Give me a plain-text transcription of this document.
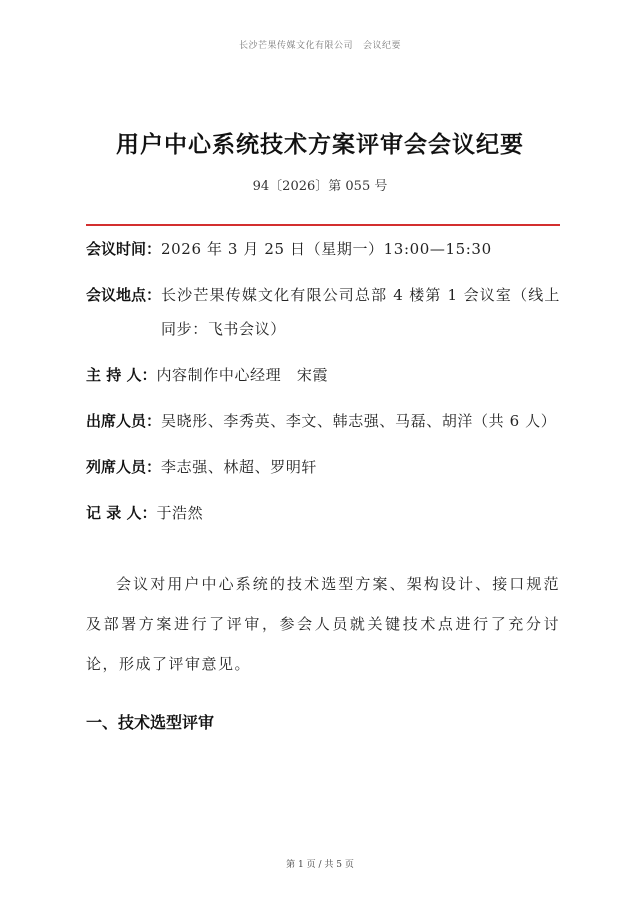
长沙芒果传媒文化有限公司 会议纪要
用户中心系统技术方案评审会会议纪要
94〔2026〕第 055 号
会议时间： 2026 年 3 月 25 日（星期一）13:00—15:30
会议地点： 长沙芒果传媒文化有限公司总部 4 楼第 1 会议室（线上同步：飞书会议）
主 持 人： 内容制作中心经理　宋霞
出席人员： 吴晓彤、李秀英、李文、韩志强、马磊、胡洋（共 6 人）
列席人员： 李志强、林超、罗明轩
记 录 人： 于浩然
会议对用户中心系统的技术选型方案、架构设计、接口规范及部署方案进行了评审，参会人员就关键技术点进行了充分讨论，形成了评审意见。
一、技术选型评审
第 1 页 / 共 5 页
